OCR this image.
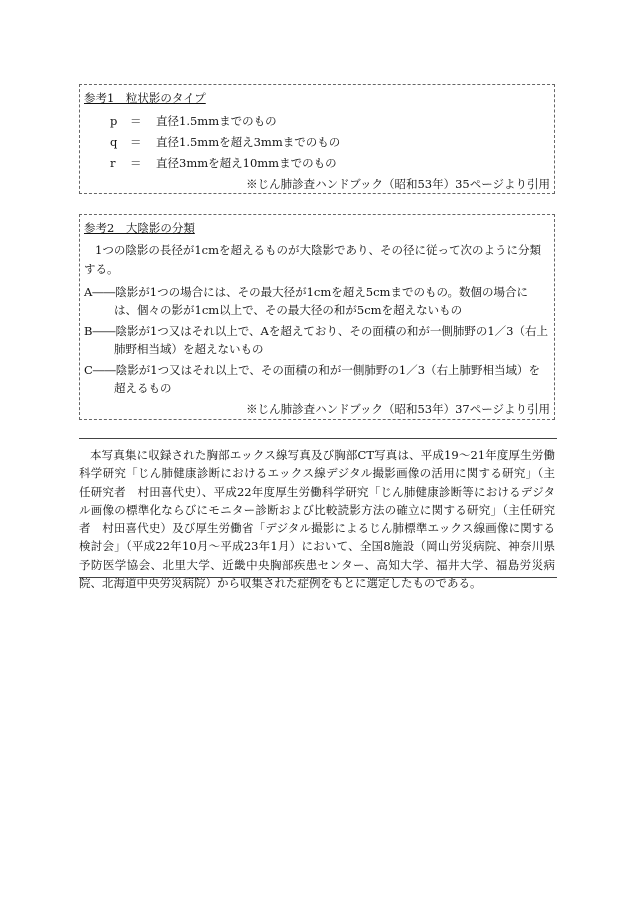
参考1　粒状影のタイプ
p	＝	直径1.5mmまでのもの
q	＝	直径1.5mmを超え3mmまでのもの
r	＝	直径3mmを超え10mmまでのもの
※じん肺診査ハンドブック（昭和53年）35ページより引用
参考2　大陰影の分類
1つの陰影の長径が1cmを超えるものが大陰影であり、その径に従って次のように分類する。
A――陰影が1つの場合には、その最大径が1cmを超え5cmまでのもの。数個の場合には、個々の影が1cm以上で、その最大径の和が5cmを超えないもの
B――陰影が1つ又はそれ以上で、Aを超えており、その面積の和が一側肺野の1／3（右上肺野相当域）を超えないもの
C――陰影が1つ又はそれ以上で、その面積の和が一側肺野の1／3（右上肺野相当域）を超えるもの
※じん肺診査ハンドブック（昭和53年）37ページより引用
本写真集に収録された胸部エックス線写真及び胸部CT写真は、平成19～21年度厚生労働科学研究「じん肺健康診断におけるエックス線デジタル撮影画像の活用に関する研究」（主任研究者　村田喜代史）、平成22年度厚生労働科学研究「じん肺健康診断等におけるデジタル画像の標準化ならびにモニター診断および比較読影方法の確立に関する研究」（主任研究者　村田喜代史）及び厚生労働省「デジタル撮影によるじん肺標準エックス線画像に関する検討会」（平成22年10月～平成23年1月）において、全国8施設（岡山労災病院、神奈川県予防医学協会、北里大学、近畿中央胸部疾患センター、高知大学、福井大学、福島労災病院、北海道中央労災病院）から収集された症例をもとに選定したものである。
